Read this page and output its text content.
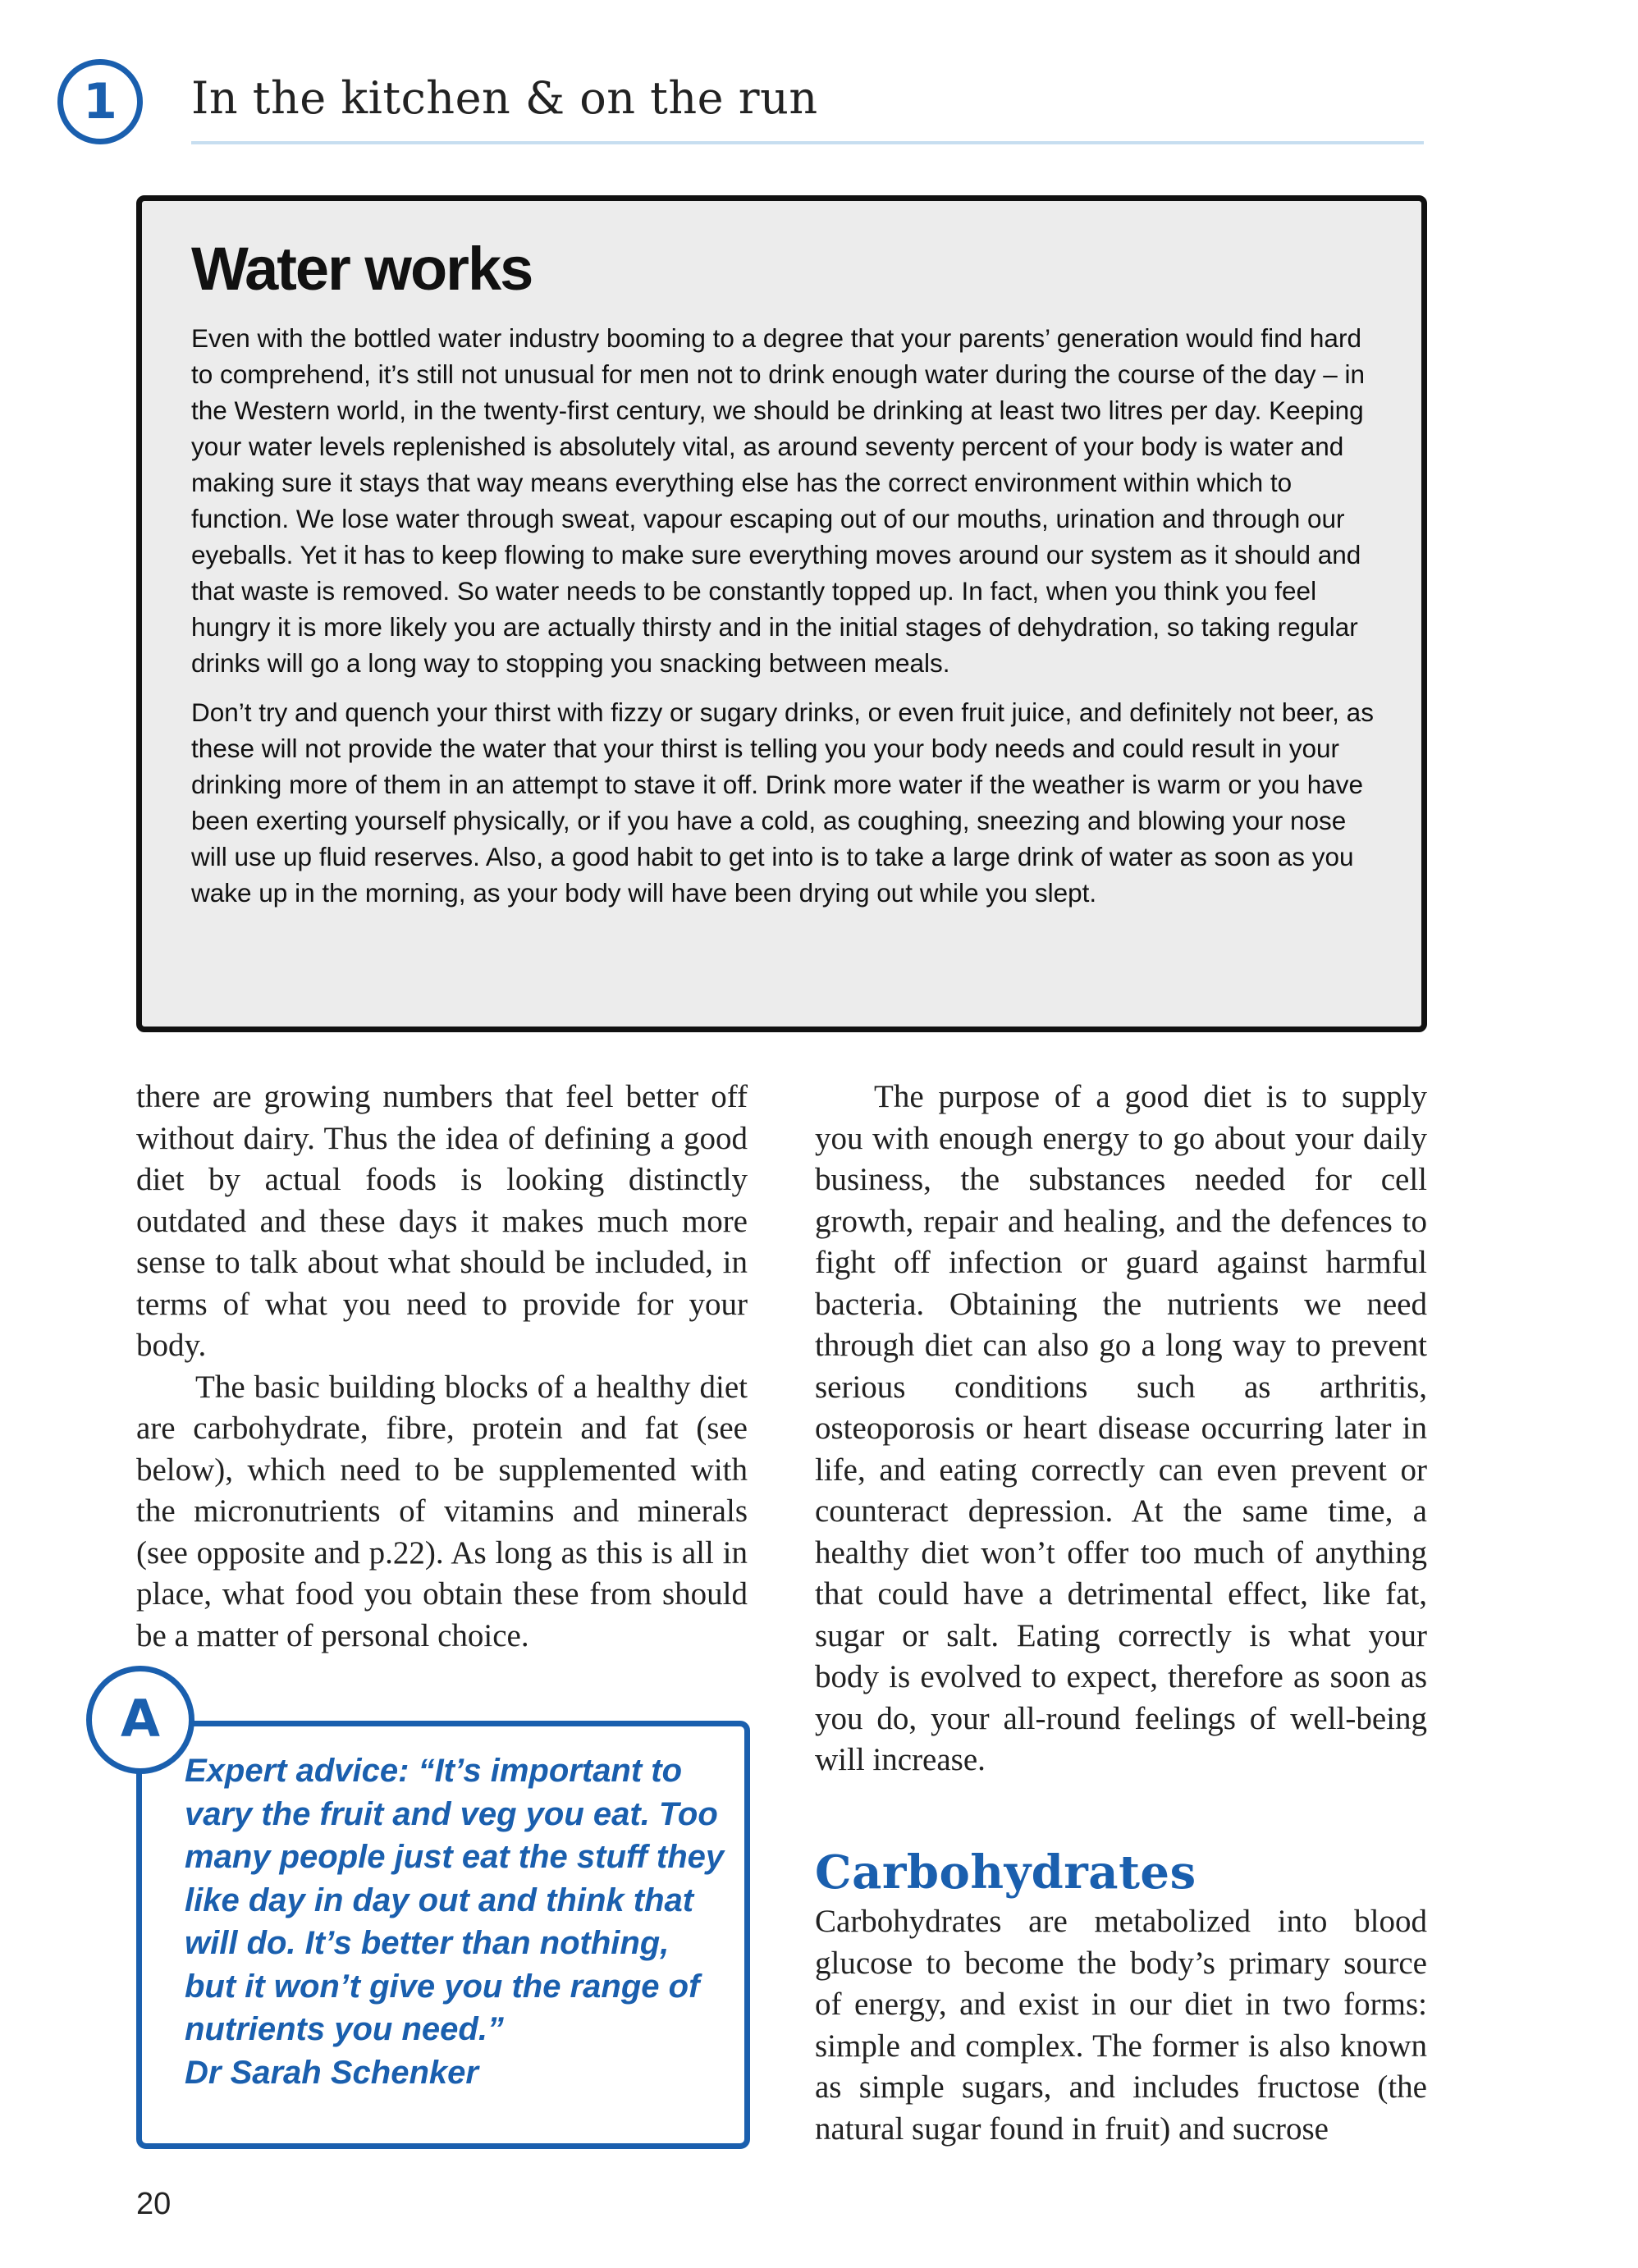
1	In the kitchen & on the run
Water works

Even with the bottled water industry booming to a degree that your parents’ generation would find hard to comprehend, it’s still not unusual for men not to drink enough water during the course of the day – in the Western world, in the twenty-first century, we should be drinking at least two litres per day. Keeping your water levels replenished is absolutely vital, as around seventy percent of your body is water and making sure it stays that way means everything else has the correct environment within which to function. We lose water through sweat, vapour escaping out of our mouths, urination and through our eyeballs. Yet it has to keep flowing to make sure everything moves around our system as it should and that waste is removed. So water needs to be constantly topped up. In fact, when you think you feel hungry it is more likely you are actually thirsty and in the initial stages of dehydration, so taking regular drinks will go a long way to stopping you snacking between meals.

Don’t try and quench your thirst with fizzy or sugary drinks, or even fruit juice, and definitely not beer, as these will not provide the water that your thirst is telling you your body needs and could result in your drinking more of them in an attempt to stave it off. Drink more water if the weather is warm or you have been exerting yourself physically, or if you have a cold, as coughing, sneezing and blowing your nose will use up fluid reserves. Also, a good habit to get into is to take a large drink of water as soon as you wake up in the morning, as your body will have been drying out while you slept.

there are growing numbers that feel better off without dairy. Thus the idea of defining a good diet by actual foods is looking distinctly outdated and these days it makes much more sense to talk about what should be included, in terms of what you need to provide for your body.

The basic building blocks of a healthy diet are carbohydrate, fibre, protein and fat (see below), which need to be supplemented with the micronutrients of vitamins and minerals (see opposite and p.22). As long as this is all in place, what food you obtain these from should be a matter of personal choice.

A
Expert advice: “It’s important to vary the fruit and veg you eat. Too many people just eat the stuff they like day in day out and think that will do. It’s better than nothing, but it won’t give you the range of nutrients you need.”
Dr Sarah Schenker

The purpose of a good diet is to supply you with enough energy to go about your daily business, the substances needed for cell growth, repair and healing, and the defences to fight off infection or guard against harmful bacteria. Obtaining the nutrients we need through diet can also go a long way to prevent serious conditions such as arthritis, osteoporosis or heart disease occurring later in life, and eating correctly can even prevent or counteract depression. At the same time, a healthy diet won’t offer too much of anything that could have a detrimental effect, like fat, sugar or salt. Eating correctly is what your body is evolved to expect, therefore as soon as you do, your all-round feelings of well-being will increase.

Carbohydrates

Carbohydrates are metabolized into blood glucose to become the body’s primary source of energy, and exist in our diet in two forms: simple and complex. The former is also known as simple sugars, and includes fructose (the natural sugar found in fruit) and sucrose

20
